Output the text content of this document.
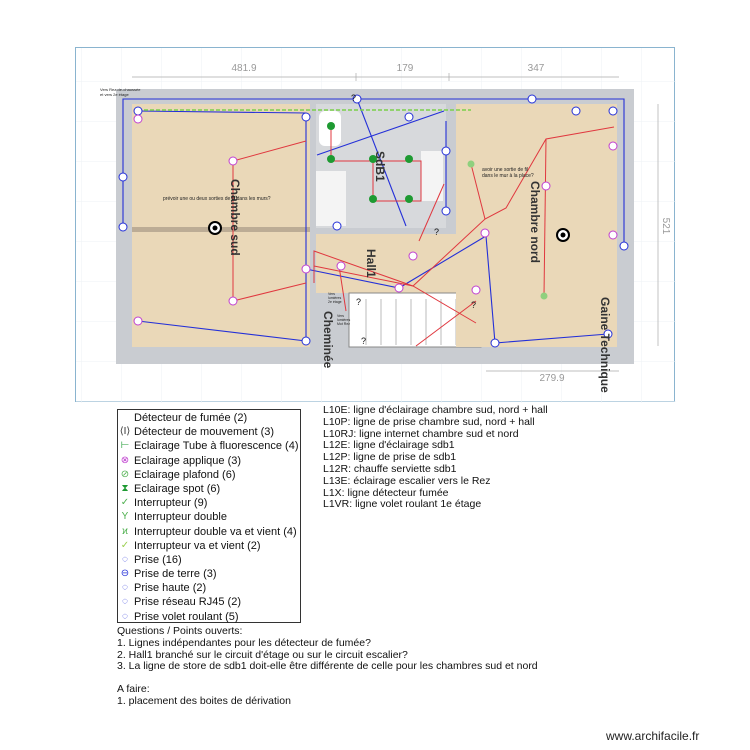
481.9	179	347
521
279.9
Chambre sud
SdB1
Hall1
Chambre nord
Cheminée	Gaine Technique
prévoir une ou deux sorties de fil dans les murs?
avoir une sortie de fil
dans le mur à la place?
Vers Rez-de-chaussée
et vers 2e étage
Vers
lumières
2e étage
Vers
lumières
Mot Rez
?
?
?	?
?
Détecteur de fumée (2)
⟨I⟩ Détecteur de mouvement (3)
⊢ Eclairage Tube à fluorescence (4)
⊗ Eclairage applique (3)
⊘ Eclairage plafond (6)
⧗ Eclairage spot (6)
✓ Interrupteur (9)
Y Interrupteur double
ϰ Interrupteur double va et vient (4)
✓ Interrupteur va et vient (2)
◌ Prise (16)
⊖ Prise de terre (3)
◌ Prise haute (2)
◌ Prise réseau RJ45 (2)
◌ Prise volet roulant (5)
L10E: ligne d'éclairage chambre sud, nord + hall
L10P: ligne de prise chambre sud, nord + hall
L10RJ: ligne internet chambre sud et nord
L12E: ligne d'éclairage sdb1
L12P: ligne de prise de sdb1
L12R: chauffe serviette sdb1
L13E: éclairage escalier vers le Rez
L1X: ligne détecteur fumée
L1VR: ligne volet roulant 1e étage
Questions / Points ouverts:
1. Lignes indépendantes pour les détecteur de fumée?
2. Hall1 branché sur le circuit d'étage ou sur le circuit escalier?
3. La ligne de store de sdb1 doit-elle être différente de celle pour les chambres sud et nord
A faire:
1. placement des boites de dérivation
www.archifacile.fr
